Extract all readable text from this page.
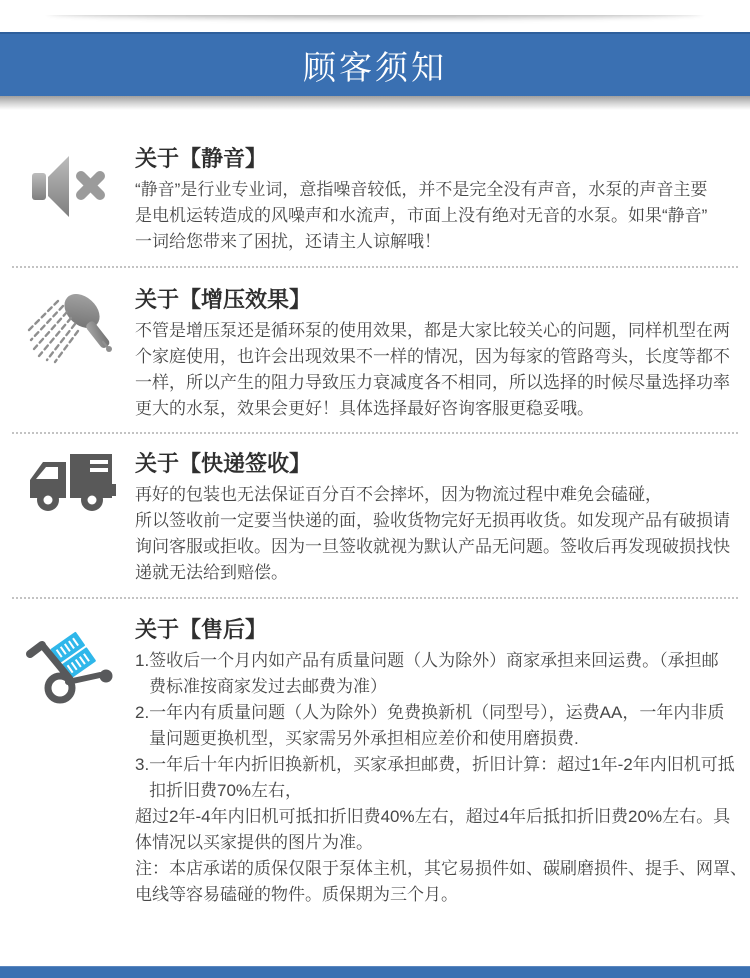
顾客须知
关于【静音】
“静音”是行业专业词，意指噪音较低，并不是完全没有声音，水泵的声音主要
是电机运转造成的风噪声和水流声，市面上没有绝对无音的水泵。如果“静音”
一词给您带来了困扰，还请主人谅解哦！
关于【增压效果】
不管是增压泵还是循环泵的使用效果，都是大家比较关心的问题，同样机型在两
个家庭使用，也许会出现效果不一样的情况，因为每家的管路弯头，长度等都不
一样，所以产生的阻力导致压力衰减度各不相同，所以选择的时候尽量选择功率
更大的水泵，效果会更好！具体选择最好咨询客服更稳妥哦。
关于【快递签收】
再好的包装也无法保证百分百不会摔坏，因为物流过程中难免会磕碰，
所以签收前一定要当快递的面，验收货物完好无损再收货。如发现产品有破损请
询问客服或拒收。因为一旦签收就视为默认产品无问题。签收后再发现破损找快
递就无法给到赔偿。
关于【售后】
1.签收后一个月内如产品有质量问题（人为除外）商家承担来回运费。（承担邮
费标准按商家发过去邮费为准）
2.一年内有质量问题（人为除外）免费换新机（同型号），运费AA，一年内非质
量问题更换机型，买家需另外承担相应差价和使用磨损费.
3.一年后十年内折旧换新机，买家承担邮费，折旧计算：超过1年-2年内旧机可抵
扣折旧费70%左右，
超过2年-4年内旧机可抵扣折旧费40%左右，超过4年后抵扣折旧费20%左右。具
体情况以买家提供的图片为准。
注：本店承诺的质保仅限于泵体主机，其它易损件如、碳刷磨损件、提手、网罩、
电线等容易磕碰的物件。质保期为三个月。
